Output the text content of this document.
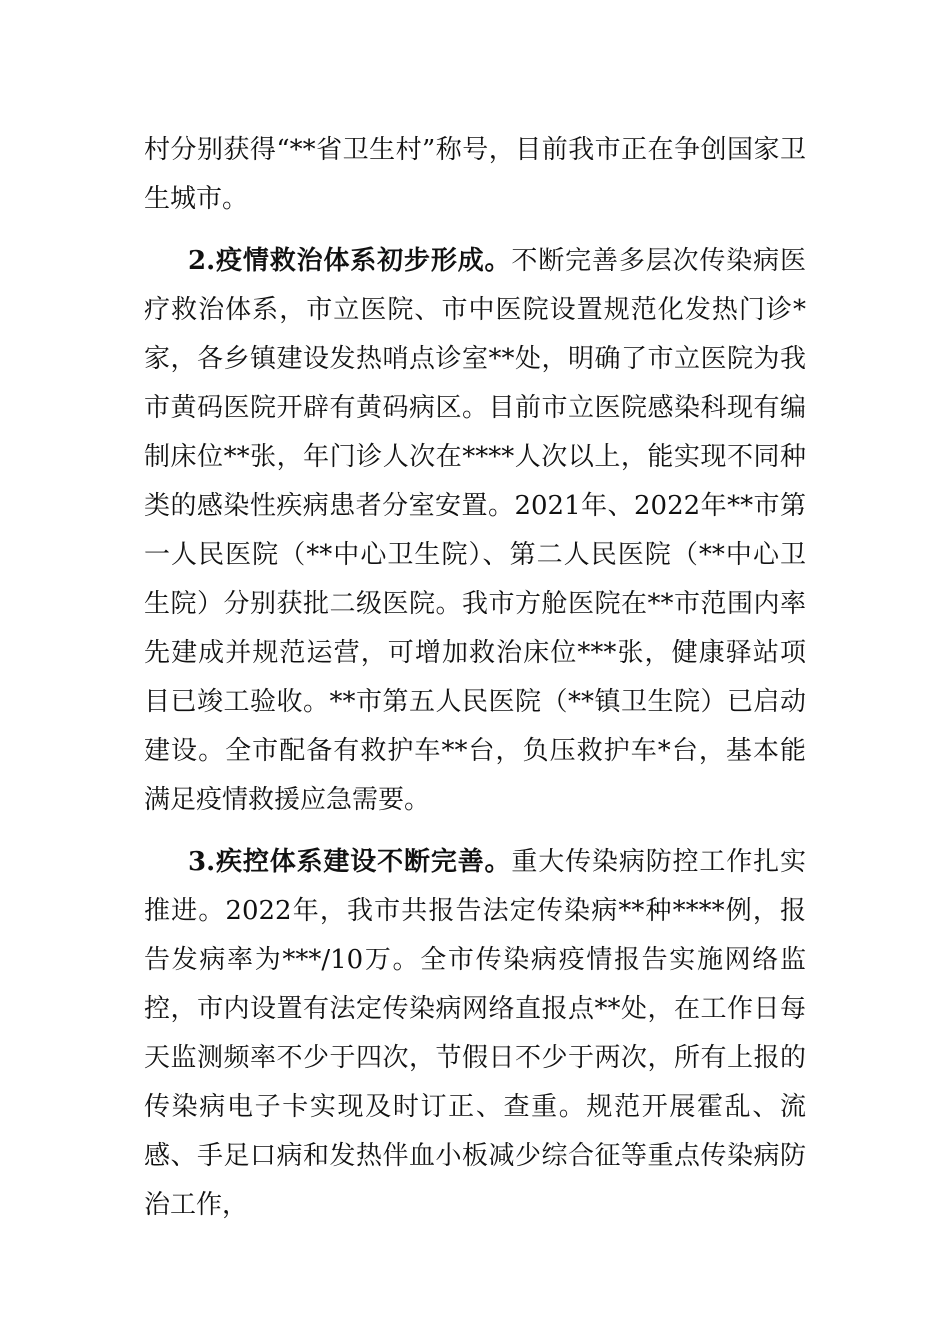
村分别获得“**省卫生村”称号，目前我市正在争创国家卫生城市。

2.疫情救治体系初步形成。不断完善多层次传染病医疗救治体系，市立医院、市中医院设置规范化发热门诊*家，各乡镇建设发热哨点诊室**处，明确了市立医院为我市黄码医院开辟有黄码病区。目前市立医院感染科现有编制床位**张，年门诊人次在****人次以上，能实现不同种类的感染性疾病患者分室安置。2021年、2022年**市第一人民医院（**中心卫生院）、第二人民医院（**中心卫生院）分别获批二级医院。我市方舱医院在**市范围内率先建成并规范运营，可增加救治床位***张，健康驿站项目已竣工验收。**市第五人民医院（**镇卫生院）已启动建设。全市配备有救护车**台，负压救护车*台，基本能满足疫情救援应急需要。

3.疾控体系建设不断完善。重大传染病防控工作扎实推进。2022年，我市共报告法定传染病**种****例，报告发病率为***/10万。全市传染病疫情报告实施网络监控，市内设置有法定传染病网络直报点**处，在工作日每天监测频率不少于四次，节假日不少于两次，所有上报的传染病电子卡实现及时订正、查重。规范开展霍乱、流感、手足口病和发热伴血小板减少综合征等重点传染病防治工作，
